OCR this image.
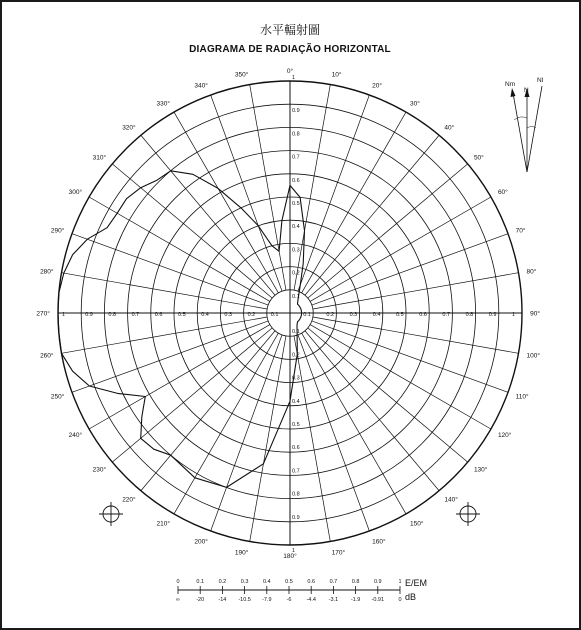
水平輻射圖
DIAGRAMA DE RADIAÇÃO HORIZONTAL
0.1
0.1
0.2
0.2
0.3
0.3
0.4
0.4
0.5
0.5
0.6
0.6
0.7
0.7
0.8
0.8
0.9
0.9
1
1
1	0.9	0.8	0.7	0.6	0.5	0.4	0.3	0.2	0.1	0.1	0.2	0.3	0.4	0.5	0.6	0.7	0.8	0.9	1
0°
10°
20°
30°
40°
50°
60°
70°
80°
90°
100°
110°
120°
130°
140°
150°
160°
170°
180°
190°
200°
210°
220°
230°
240°
250°
260°
270°
280°
290°
300°
310°
320°
330°
340°
350°
Nm
N
NI
0
∞
0.1
-20
0.2
-14
0.3
-10.5
0.4
-7.9
0.5
-6
0.6
-4.4
0.7
-3.1
0.8
-1.9
0.9
-0.91
1
0
E/EM
dB
